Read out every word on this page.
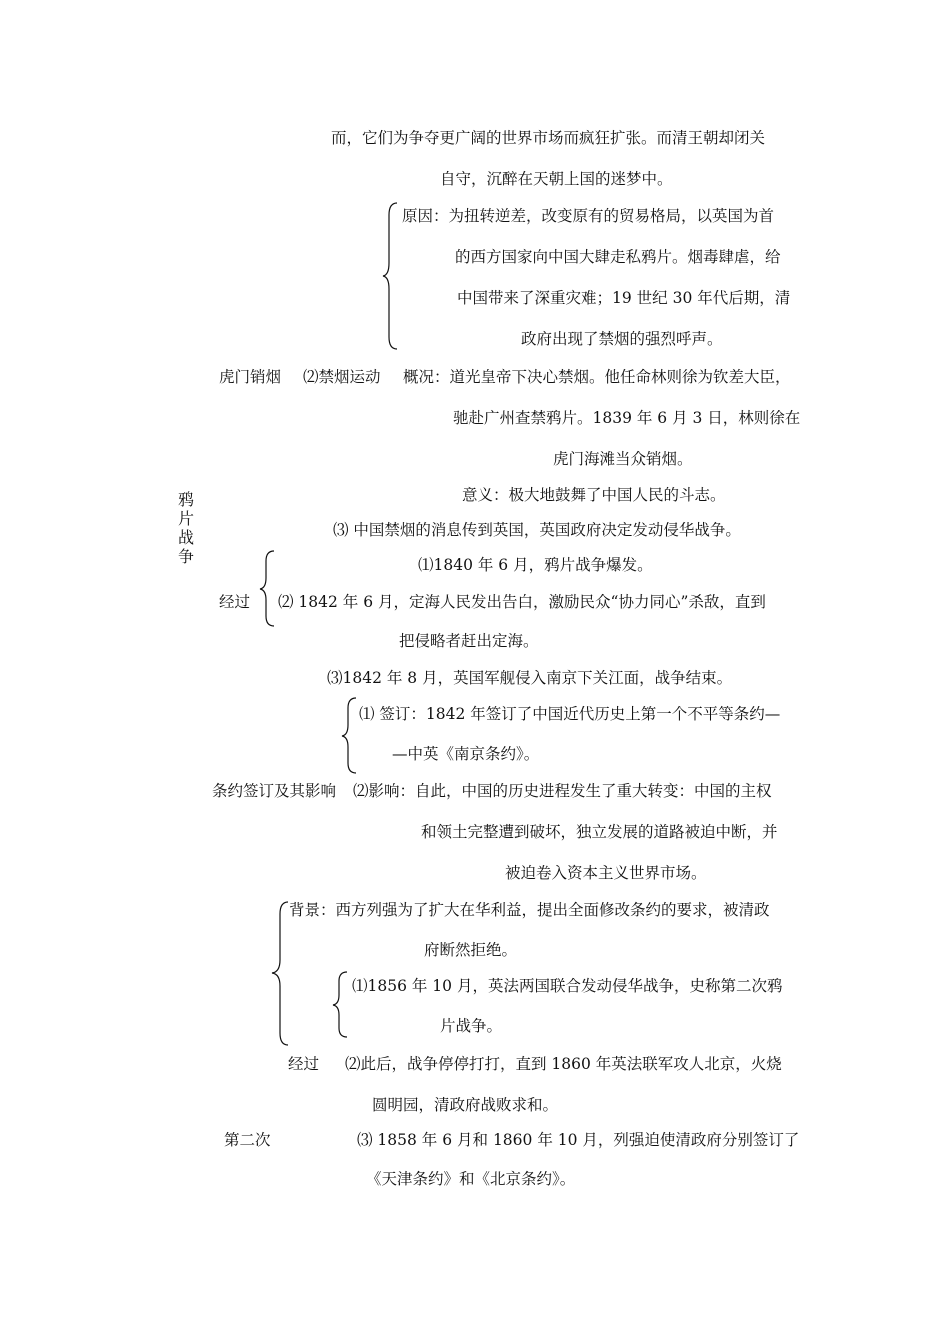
而，它们为争夺更广阔的世界市场而疯狂扩张。而清王朝却闭关
自守，沉醉在天朝上国的迷梦中。
原因：为扭转逆差，改变原有的贸易格局，以英国为首
的西方国家向中国大肆走私鸦片。烟毒肆虐，给
中国带来了深重灾难；19 世纪 30 年代后期，清
政府出现了禁烟的强烈呼声。
虎门销烟 ⑵禁烟运动 概况：道光皇帝下决心禁烟。他任命林则徐为钦差大臣，
驰赴广州查禁鸦片。1839 年 6 月 3 日，林则徐在
虎门海滩当众销烟。
意义：极大地鼓舞了中国人民的斗志。
⑶ 中国禁烟的消息传到英国，英国政府决定发动侵华战争。
鸦片战争
经过
⑴1840 年 6 月，鸦片战争爆发。
⑵ 1842 年 6 月，定海人民发出告白，激励民众“协力同心”杀敌，直到
把侵略者赶出定海。
⑶1842 年 8 月，英国军舰侵入南京下关江面，战争结束。
⑴ 签订：1842 年签订了中国近代历史上第一个不平等条约—
—中英《南京条约》。
条约签订及其影响 ⑵影响：自此，中国的历史进程发生了重大转变：中国的主权
和领土完整遭到破坏，独立发展的道路被迫中断，并
被迫卷入资本主义世界市场。
背景：西方列强为了扩大在华利益，提出全面修改条约的要求，被清政
府断然拒绝。
⑴1856 年 10 月，英法两国联合发动侵华战争，史称第二次鸦
片战争。
经过 ⑵此后，战争停停打打，直到 1860 年英法联军攻人北京，火烧
圆明园，清政府战败求和。
第二次	⑶ 1858 年 6 月和 1860 年 10 月，列强迫使清政府分别签订了
《天津条约》和《北京条约》。
